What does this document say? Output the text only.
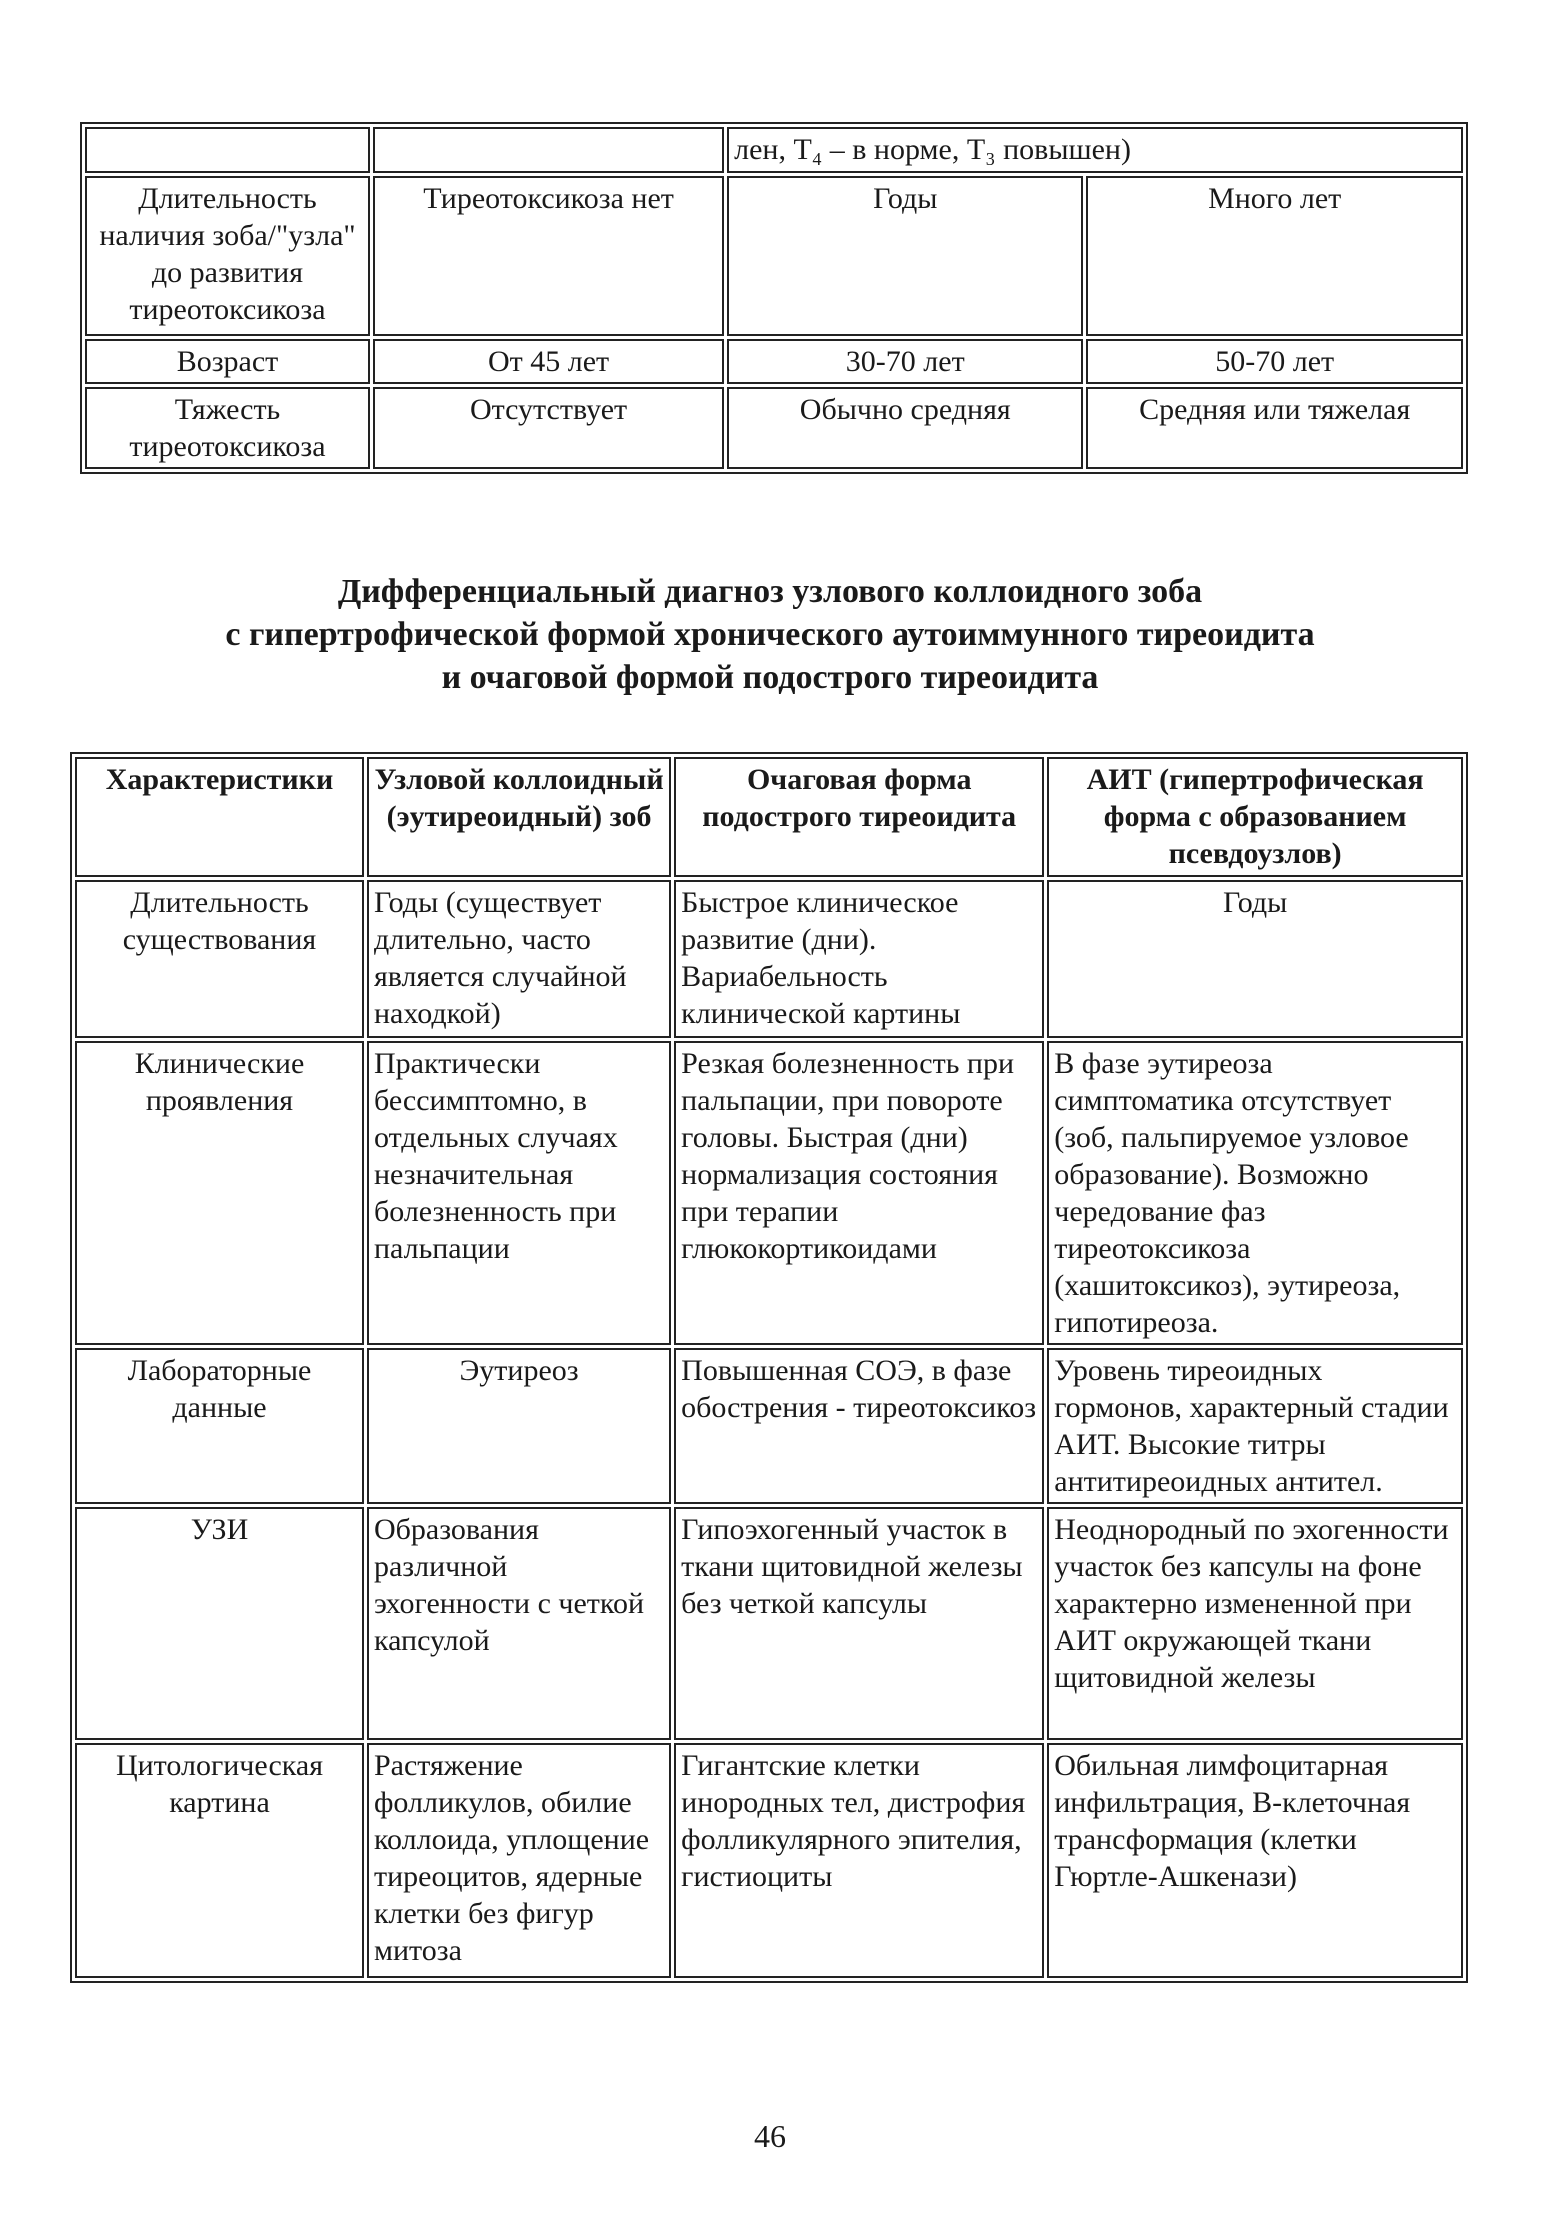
		лен, T₄ – в норме, T₃ повышен)	
Длительность наличия зоба/"узла" до развития тиреотоксикоза	Тиреотоксикоза нет	Годы	Много лет
Возраст	От 45 лет	30-70 лет	50-70 лет
Тяжесть тиреотоксикоза	Отсутствует	Обычно средняя	Средняя или тяжелая
Дифференциальный диагноз узлового коллоидного зоба
с гипертрофической формой хронического аутоиммунного тиреоидита
и очаговой формой подострого тиреоидита
Характеристики	Узловой коллоидный (эутиреоидный) зоб	Очаговая форма подострого тиреоидита	АИТ (гипертрофическая форма с образованием псевдоузлов)
Длительность существования	Годы (существует длительно, часто является случайной находкой)	Быстрое клиническое развитие (дни). Вариабельность клинической картины	Годы
Клинические проявления	Практически бессимптомно, в отдельных случаях незначительная болезненность при пальпации	Резкая болезненность при пальпации, при повороте головы. Быстрая (дни) нормализация состояния при терапии глюкокортикоидами	В фазе эутиреоза симптоматика отсутствует (зоб, пальпируемое узловое образование). Возможно чередование фаз тиреотоксикоза (хашитоксикоз), эутиреоза, гипотиреоза.
Лабораторные данные	Эутиреоз	Повышенная СОЭ, в фазе обострения - тиреотоксикоз	Уровень тиреоидных гормонов, характерный стадии АИТ. Высокие титры антитиреоидных антител.
УЗИ	Образования различной эхогенности с четкой капсулой	Гипоэхогенный участок в ткани щитовидной железы без четкой капсулы	Неоднородный по эхогенности участок без капсулы на фоне характерно измененной при АИТ окружающей ткани щитовидной железы
Цитологическая картина	Растяжение фолликулов, обилие коллоида, уплощение тиреоцитов, ядерные клетки без фигур митоза	Гигантские клетки инородных тел, дистрофия фолликулярного эпителия, гистиоциты	Обильная лимфоцитарная инфильтрация, В-клеточная трансформация (клетки Гюртле-Ашкенази)
46
